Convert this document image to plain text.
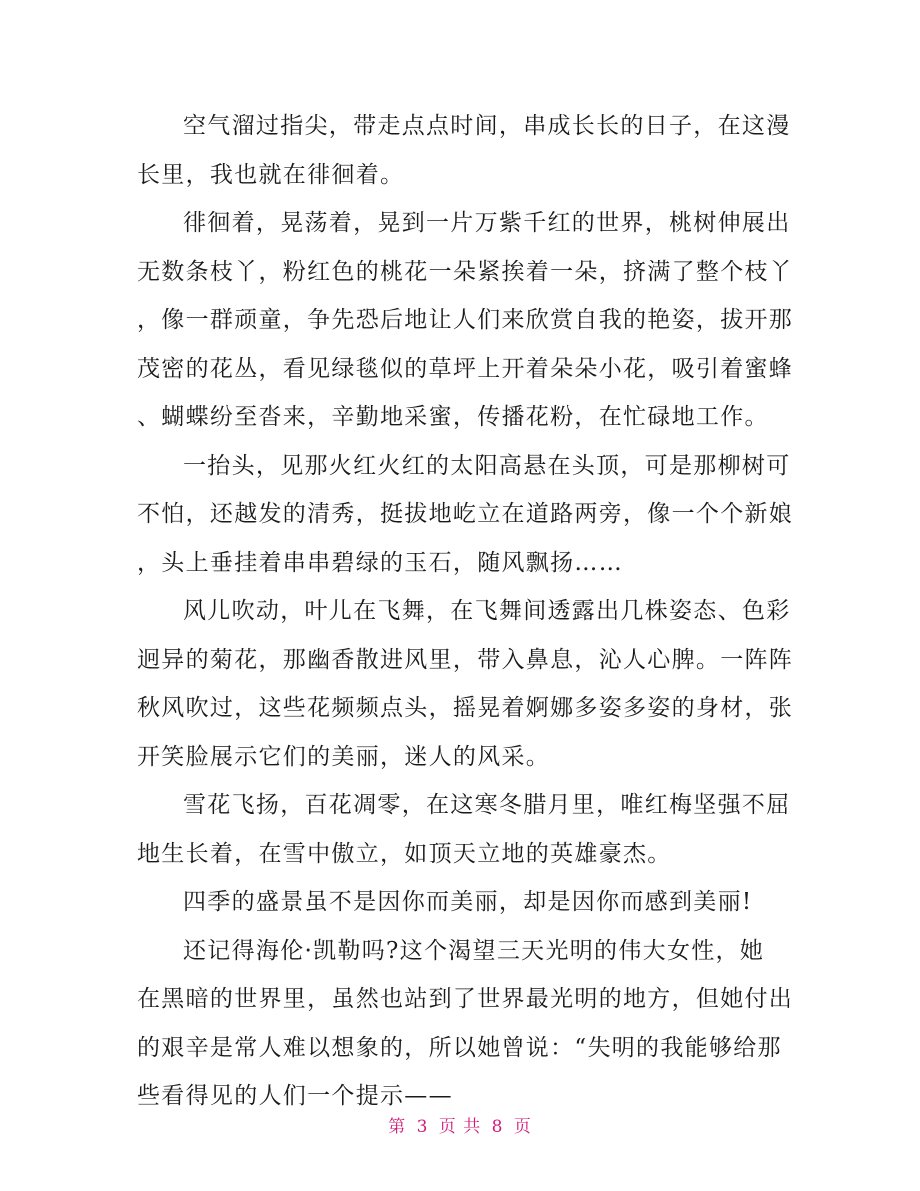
空气溜过指尖，带走点点时间，串成长长的日子，在这漫
长里，我也就在徘徊着。
徘徊着，晃荡着，晃到一片万紫千红的世界，桃树伸展出
无数条枝丫，粉红色的桃花一朵紧挨着一朵，挤满了整个枝丫
，像一群顽童，争先恐后地让人们来欣赏自我的艳姿，拔开那
茂密的花丛，看见绿毯似的草坪上开着朵朵小花，吸引着蜜蜂
、蝴蝶纷至沓来，辛勤地采蜜，传播花粉，在忙碌地工作。
一抬头，见那火红火红的太阳高悬在头顶，可是那柳树可
不怕，还越发的清秀，挺拔地屹立在道路两旁，像一个个新娘
，头上垂挂着串串碧绿的玉石，随风飘扬……
风儿吹动，叶儿在飞舞，在飞舞间透露出几株姿态、色彩
迥异的菊花，那幽香散进风里，带入鼻息，沁人心脾。一阵阵
秋风吹过，这些花频频点头，摇晃着婀娜多姿多姿的身材，张
开笑脸展示它们的美丽，迷人的风采。
雪花飞扬，百花凋零，在这寒冬腊月里，唯红梅坚强不屈
地生长着，在雪中傲立，如顶天立地的英雄豪杰。
四季的盛景虽不是因你而美丽，却是因你而感到美丽!
还记得海伦·凯勒吗?这个渴望三天光明的伟大女性，她
在黑暗的世界里，虽然也站到了世界最光明的地方，但她付出
的艰辛是常人难以想象的，所以她曾说：“失明的我能够给那
些看得见的人们一个提示——
第 3 页 共 8 页
